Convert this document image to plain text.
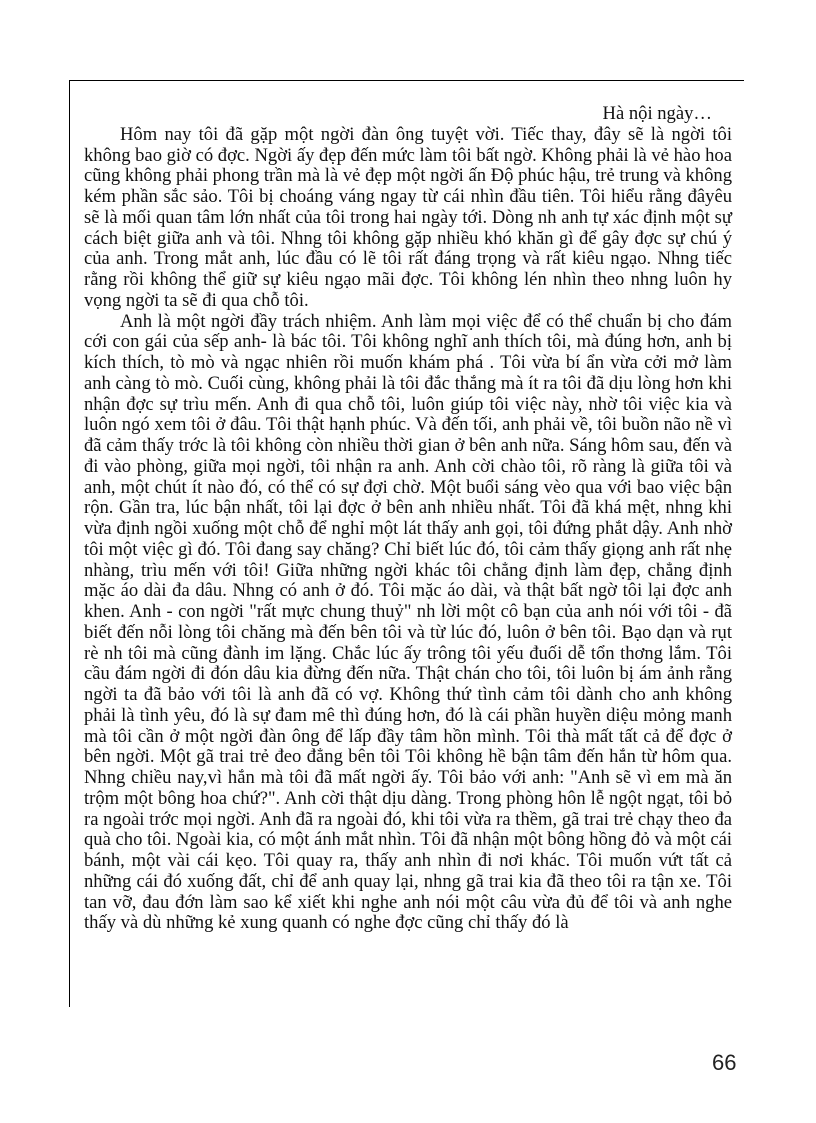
Hà nội ngày…

Hôm nay tôi đã gặp một ngời đàn ông tuyệt vời. Tiếc thay, đây sẽ là ngời tôi không bao giờ có đợc. Ngời ấy đẹp đến mức làm tôi bất ngờ. Không phải là vẻ hào hoa cũng không phải phong trần mà là vẻ đẹp một ngời ấn Độ phúc hậu, trẻ trung và không kém phần sắc sảo. Tôi bị choáng váng ngay từ cái nhìn đầu tiên. Tôi hiểu rằng đâyêu sẽ là mối quan tâm lớn nhất của tôi trong hai ngày tới. Dòng nh anh tự xác định một sự cách biệt giữa anh và tôi. Nhng tôi không gặp nhiều khó khăn gì để gây đợc sự chú ý của anh. Trong mắt anh, lúc đầu có lẽ tôi rất đáng trọng và rất kiêu ngạo. Nhng tiếc rằng rồi không thể giữ sự kiêu ngạo mãi đợc. Tôi không lén nhìn theo nhng luôn hy vọng ngời ta sẽ đi qua chỗ tôi.

Anh là một ngời đầy trách nhiệm. Anh làm mọi việc để có thể chuẩn bị cho đám cới con gái của sếp anh- là bác tôi. Tôi không nghĩ anh thích tôi, mà đúng hơn, anh bị kích thích, tò mò và ngạc nhiên rồi muốn khám phá . Tôi vừa bí ẩn vừa cởi mở làm anh càng tò mò. Cuối cùng, không phải là tôi đắc thắng mà ít ra tôi đã dịu lòng hơn khi nhận đợc sự trìu mến. Anh đi qua chỗ tôi, luôn giúp tôi việc này, nhờ tôi việc kia và luôn ngó xem tôi ở đâu. Tôi thật hạnh phúc. Và đến tối, anh phải về, tôi buồn não nề vì đã cảm thấy trớc là tôi không còn nhiều thời gian ở bên anh nữa. Sáng hôm sau, đến và đi vào phòng, giữa mọi ngời, tôi nhận ra anh. Anh cời chào tôi, rõ ràng là giữa tôi và anh, một chút ít nào đó, có thể có sự đợi chờ. Một buổi sáng vèo qua với bao việc bận rộn. Gần tra, lúc bận nhất, tôi lại đợc ở bên anh nhiều nhất. Tôi đã khá mệt, nhng khi vừa định ngồi xuống một chỗ để nghỉ một lát thấy anh gọi, tôi đứng phắt dậy. Anh nhờ tôi một việc gì đó. Tôi đang say chăng? Chỉ biết lúc đó, tôi cảm thấy giọng anh rất nhẹ nhàng, trìu mến với tôi! Giữa những ngời khác tôi chẳng định làm đẹp, chẳng định mặc áo dài đa dâu. Nhng có anh ở đó. Tôi mặc áo dài, và thật bất ngờ tôi lại đợc anh khen. Anh - con ngời "rất mực chung thuỷ" nh lời một cô bạn của anh nói với tôi - đã biết đến nỗi lòng tôi chăng mà đến bên tôi và từ lúc đó, luôn ở bên tôi. Bạo dạn và rụt rè nh tôi mà cũng đành im lặng. Chắc lúc ấy trông tôi yếu đuối dễ tổn thơng lắm. Tôi cầu đám ngời đi đón dâu kia đừng đến nữa. Thật chán cho tôi, tôi luôn bị ám ảnh rằng ngời ta đã bảo với tôi là anh đã có vợ. Không thứ tình cảm tôi dành cho anh không phải là tình yêu, đó là sự đam mê thì đúng hơn, đó là cái phần huyền diệu mỏng manh mà tôi cần ở một ngời đàn ông để lấp đầy tâm hồn mình. Tôi thà mất tất cả để đợc ở bên ngời. Một gã trai trẻ đeo đẳng bên tôi Tôi không hề bận tâm đến hắn từ hôm qua. Nhng chiều nay,vì hắn mà tôi đã mất ngời ấy. Tôi bảo với anh: "Anh sẽ vì em mà ăn trộm một bông hoa chứ?". Anh cời thật dịu dàng. Trong phòng hôn lễ ngột ngạt, tôi bỏ ra ngoài trớc mọi ngời. Anh đã ra ngoài đó, khi tôi vừa ra thềm, gã trai trẻ chạy theo đa quà cho tôi. Ngoài kia, có một ánh mắt nhìn. Tôi đã nhận một bông hồng đỏ và một cái bánh, một vài cái kẹo. Tôi quay ra, thấy anh nhìn đi nơi khác. Tôi muốn vứt tất cả những cái đó xuống đất, chỉ để anh quay lại, nhng gã trai kia đã theo tôi ra tận xe. Tôi tan vỡ, đau đớn làm sao kể xiết khi nghe anh nói một câu vừa đủ để tôi và anh nghe thấy và dù những kẻ xung quanh có nghe đợc cũng chỉ thấy đó là

66
